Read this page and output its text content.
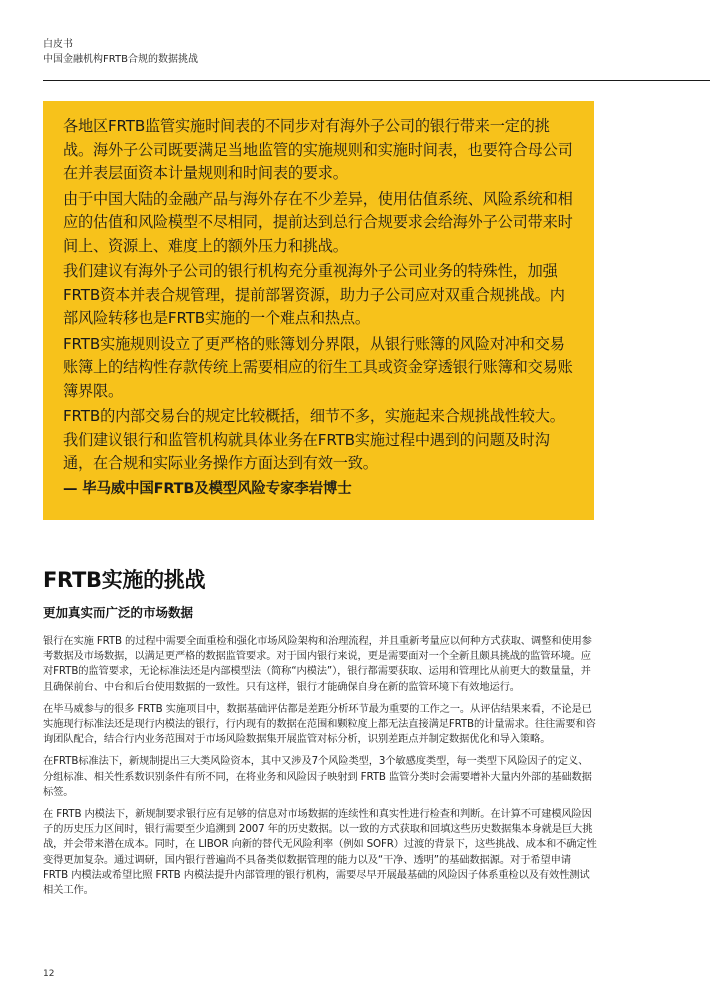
白皮书
中国金融机构FRTB合规的数据挑战

各地区FRTB监管实施时间表的不同步对有海外子公司的银行带来一定的挑战。海外子公司既要满足当地监管的实施规则和实施时间表，也要符合母公司在并表层面资本计量规则和时间表的要求。

由于中国大陆的金融产品与海外存在不少差异，使用估值系统、风险系统和相应的估值和风险模型不尽相同，提前达到总行合规要求会给海外子公司带来时间上、资源上、难度上的额外压力和挑战。

我们建议有海外子公司的银行机构充分重视海外子公司业务的特殊性，加强FRTB资本并表合规管理，提前部署资源，助力子公司应对双重合规挑战。内部风险转移也是FRTB实施的一个难点和热点。

FRTB实施规则设立了更严格的账簿划分界限，从银行账簿的风险对冲和交易账簿上的结构性存款传统上需要相应的衍生工具或资金穿透银行账簿和交易账簿界限。

FRTB的内部交易台的规定比较概括，细节不多，实施起来合规挑战性较大。我们建议银行和监管机构就具体业务在FRTB实施过程中遇到的问题及时沟通，在合规和实际业务操作方面达到有效一致。

— 毕马威中国FRTB及模型风险专家李岩博士
FRTB实施的挑战
更加真实而广泛的市场数据

银行在实施 FRTB 的过程中需要全面重检和强化市场风险架构和治理流程，并且重新考量应以何种方式获取、调整和使用参考数据及市场数据，以满足更严格的数据监管要求。对于国内银行来说，更是需要面对一个全新且颇具挑战的监管环境。应对FRTB的监管要求，无论标准法还是内部模型法（简称“内模法”），银行都需要获取、运用和管理比从前更大的数量量，并且确保前台、中台和后台使用数据的一致性。只有这样，银行才能确保自身在新的监管环境下有效地运行。

在毕马威参与的很多 FRTB 实施项目中，数据基础评估都是差距分析环节最为重要的工作之一。从评估结果来看，不论是已实施现行标准法还是现行内模法的银行，行内现有的数据在范围和颗粒度上都无法直接满足FRTB的计量需求。往往需要和咨询团队配合，结合行内业务范围对于市场风险数据集开展监管对标分析，识别差距点并制定数据优化和导入策略。

在FRTB标准法下，新规制提出三大类风险资本，其中又涉及7个风险类型，3个敏感度类型，每一类型下风险因子的定义、分组标准、相关性系数识别条件有所不同，在将业务和风险因子映射到 FRTB 监管分类时会需要增补大量内外部的基础数据标签。

在 FRTB 内模法下，新规制要求银行应有足够的信息对市场数据的连续性和真实性进行检查和判断。在计算不可建模风险因子的历史压力区间时，银行需要至少追溯到 2007 年的历史数据。以一致的方式获取和回填这些历史数据集本身就是巨大挑战，并会带来潜在成本。同时，在 LIBOR 向新的替代无风险利率（例如 SOFR）过渡的背景下，这些挑战、成本和不确定性变得更加复杂。通过调研，国内银行普遍尚不具备类似数据管理的能力以及“干净、透明”的基础数据源。对于希望申请 FRTB 内模法或希望比照 FRTB 内模法提升内部管理的银行机构，需要尽早开展最基础的风险因子体系重检以及有效性测试相关工作。

12
